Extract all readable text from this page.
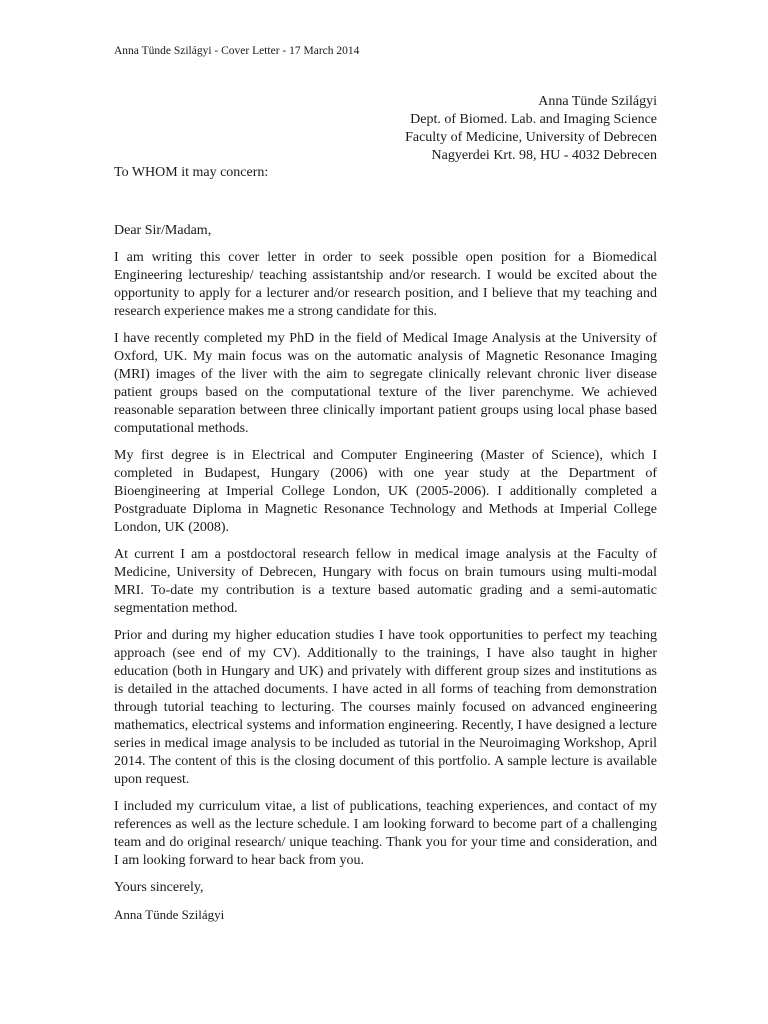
Anna Tünde Szilágyi - Cover Letter - 17 March 2014
Anna Tünde Szilágyi
Dept. of Biomed. Lab. and Imaging Science
Faculty of Medicine, University of Debrecen
Nagyerdei Krt. 98, HU - 4032 Debrecen
To WHOM it may concern:

Dear Sir/Madam,

I am writing this cover letter in order to seek possible open position for a Biomedical Engineering lectureship/ teaching assistantship and/or research. I would be excited about the opportunity to apply for a lecturer and/or research position, and I believe that my teaching and research experience makes me a strong candidate for this.

I have recently completed my PhD in the field of Medical Image Analysis at the University of Oxford, UK. My main focus was on the automatic analysis of Magnetic Resonance Imaging (MRI) images of the liver with the aim to segregate clinically relevant chronic liver disease patient groups based on the computational texture of the liver parenchyme. We achieved reasonable separation between three clinically important patient groups using local phase based computational methods.

My first degree is in Electrical and Computer Engineering (Master of Science), which I completed in Budapest, Hungary (2006) with one year study at the Department of Bioengineering at Imperial College London, UK (2005-2006). I additionally completed a Postgraduate Diploma in Magnetic Resonance Technology and Methods at Imperial College London, UK (2008).

At current I am a postdoctoral research fellow in medical image analysis at the Faculty of Medicine, University of Debrecen, Hungary with focus on brain tumours using multi-modal MRI. To-date my contribution is a texture based automatic grading and a semi-automatic segmentation method.

Prior and during my higher education studies I have took opportunities to perfect my teaching approach (see end of my CV). Additionally to the trainings, I have also taught in higher education (both in Hungary and UK) and privately with different group sizes and institutions as is detailed in the attached documents. I have acted in all forms of teaching from demonstration through tutorial teaching to lecturing. The courses mainly focused on advanced engineering mathematics, electrical systems and information engineering. Recently, I have designed a lecture series in medical image analysis to be included as tutorial in the Neuroimaging Workshop, April 2014. The content of this is the closing document of this portfolio. A sample lecture is available upon request.

I included my curriculum vitae, a list of publications, teaching experiences, and contact of my references as well as the lecture schedule. I am looking forward to become part of a challenging team and do original research/ unique teaching. Thank you for your time and consideration, and I am looking forward to hear back from you.

Yours sincerely,

Anna Tünde Szilágyi
